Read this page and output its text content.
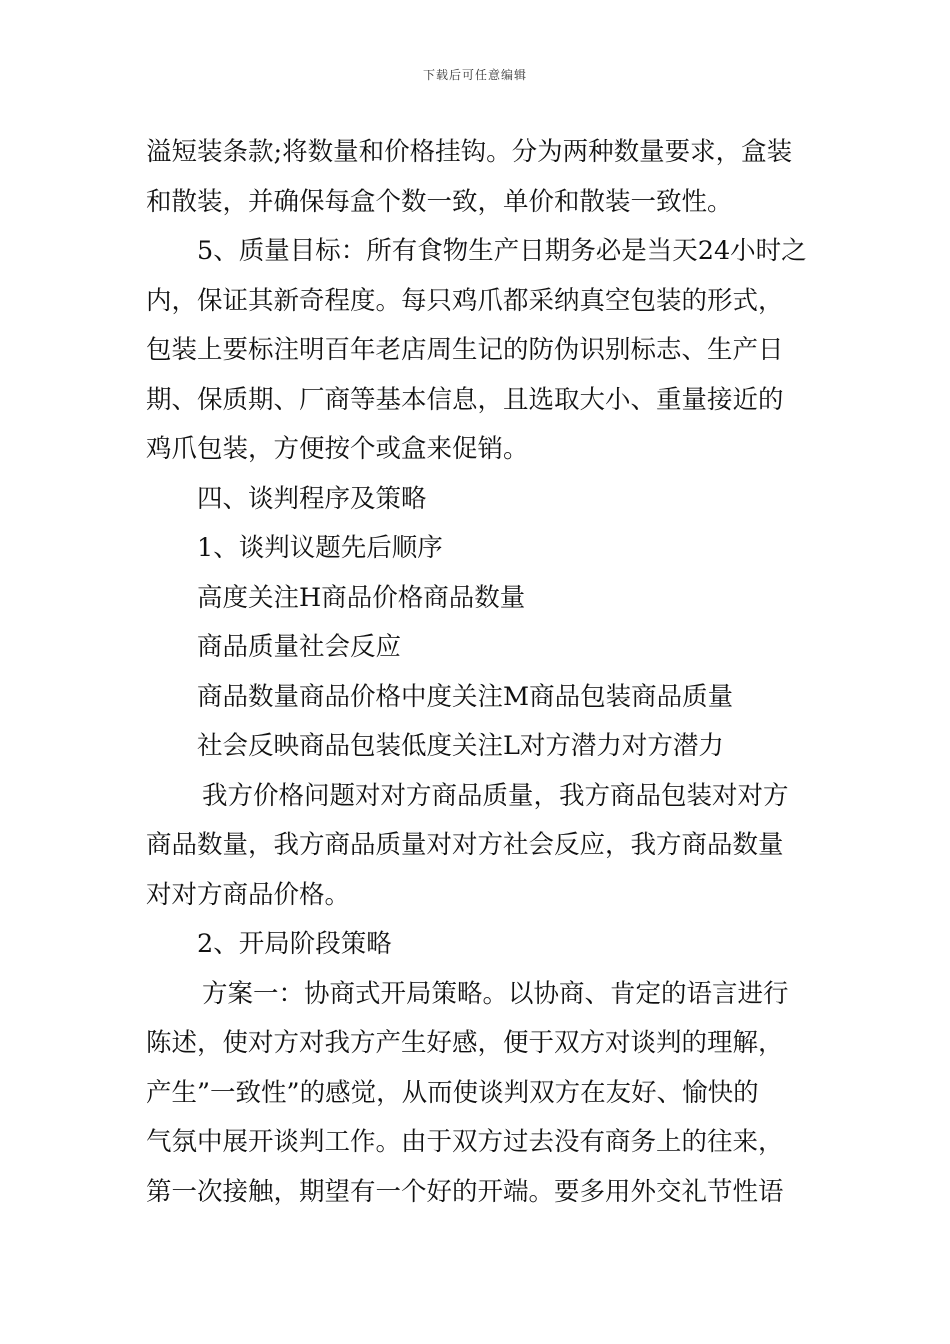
下载后可任意编辑
溢短装条款;将数量和价格挂钩。分为两种数量要求，盒装
和散装，并确保每盒个数一致，单价和散装一致性。
5、质量目标：所有食物生产日期务必是当天24小时之
内，保证其新奇程度。每只鸡爪都采纳真空包装的形式，
包装上要标注明百年老店周生记的防伪识别标志、生产日
期、保质期、厂商等基本信息，且选取大小、重量接近的
鸡爪包装，方便按个或盒来促销。
四、谈判程序及策略
1、谈判议题先后顺序
高度关注H商品价格商品数量
商品质量社会反应
商品数量商品价格中度关注M商品包装商品质量
社会反映商品包装低度关注L对方潜力对方潜力
我方价格问题对对方商品质量，我方商品包装对对方
商品数量，我方商品质量对对方社会反应，我方商品数量
对对方商品价格。
2、开局阶段策略
方案一：协商式开局策略。以协商、肯定的语言进行
陈述，使对方对我方产生好感，便于双方对谈判的理解，
产生”一致性”的感觉，从而使谈判双方在友好、愉快的
气氛中展开谈判工作。由于双方过去没有商务上的往来，
第一次接触，期望有一个好的开端。要多用外交礼节性语
